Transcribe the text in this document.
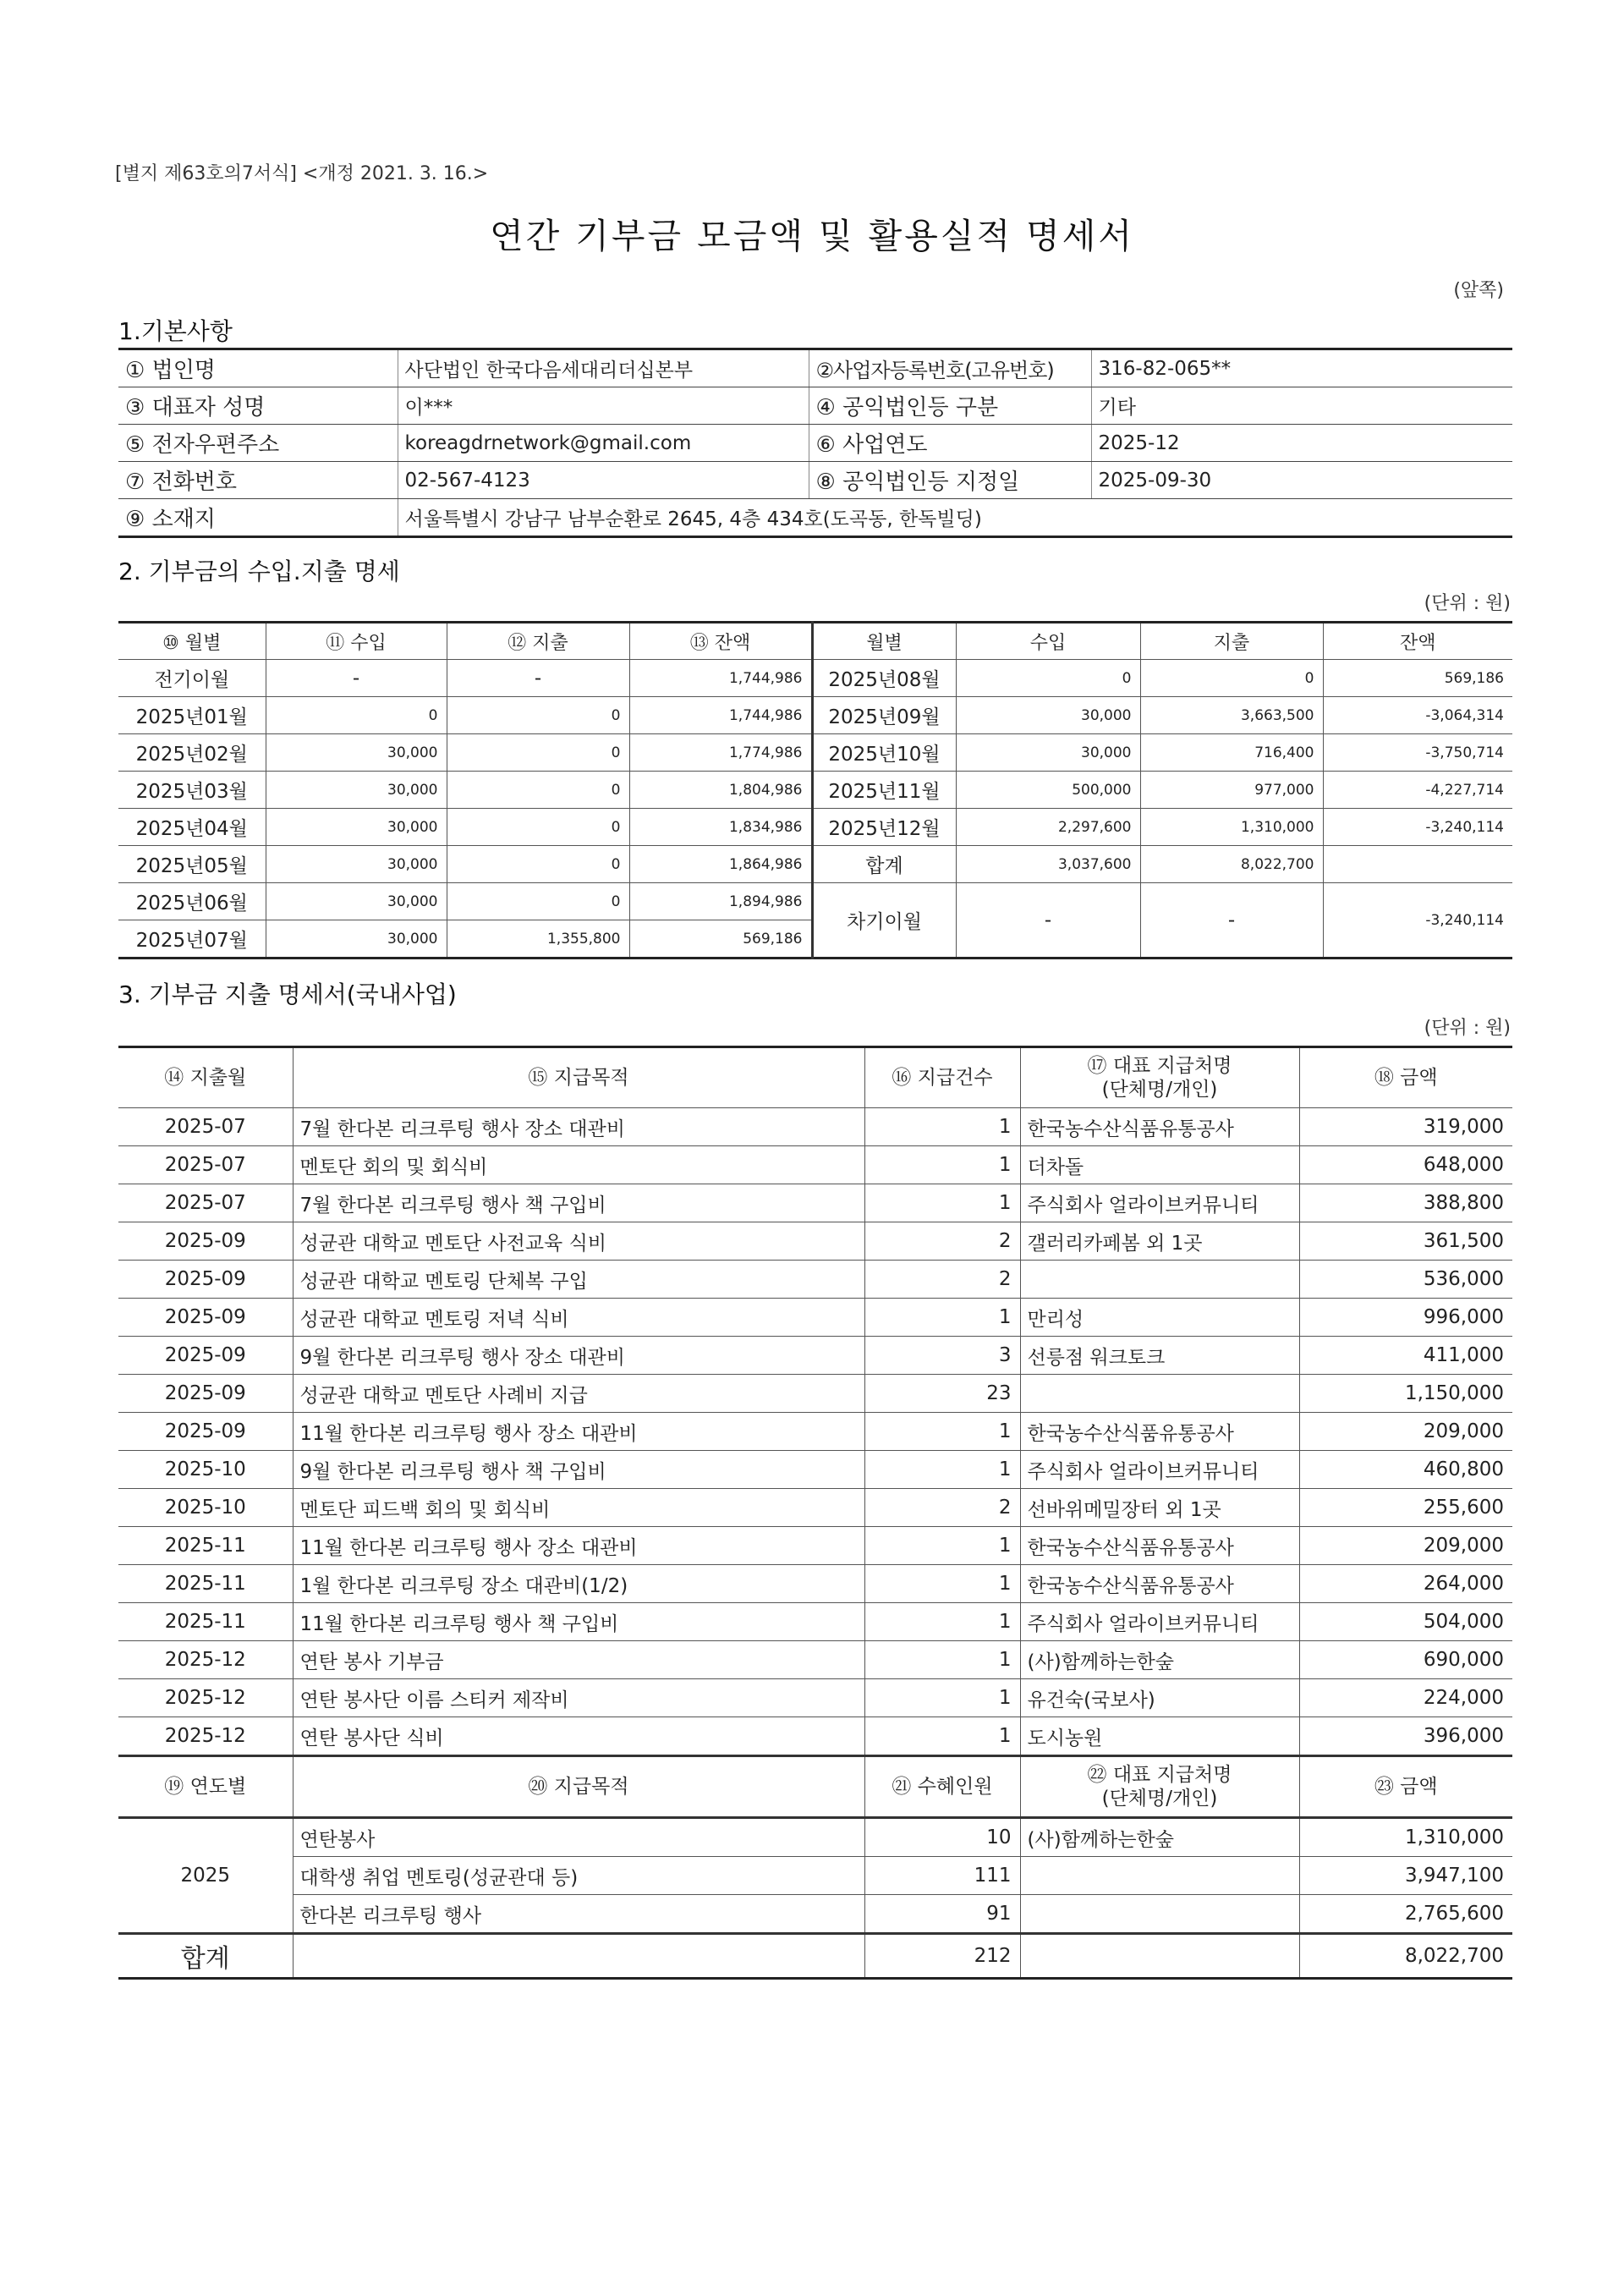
[별지 제63호의7서식] <개정 2021. 3. 16.>
연간 기부금 모금액 및 활용실적 명세서
(앞쪽)
1.기본사항
① 법인명	사단법인 한국다음세대리더십본부	②사업자등록번호(고유번호)	316-82-065**
③ 대표자 성명	이***	④ 공익법인등 구분	기타
⑤ 전자우편주소	koreagdrnetwork@gmail.com	⑥ 사업연도	2025-12
⑦ 전화번호	02-567-4123	⑧ 공익법인등 지정일	2025-09-30
⑨ 소재지	서울특별시 강남구 남부순환로 2645, 4층 434호(도곡동, 한독빌딩)		
2. 기부금의 수입.지출 명세
(단위 : 원)
⑩ 월별	⑪ 수입	⑫ 지출	⑬ 잔액	월별	수입	지출	잔액
전기이월	-	-	1,744,986	2025년08월	0	0	569,186
2025년01월	0	0	1,744,986	2025년09월	30,000	3,663,500	-3,064,314
2025년02월	30,000	0	1,774,986	2025년10월	30,000	716,400	-3,750,714
2025년03월	30,000	0	1,804,986	2025년11월	500,000	977,000	-4,227,714
2025년04월	30,000	0	1,834,986	2025년12월	2,297,600	1,310,000	-3,240,114
2025년05월	30,000	0	1,864,986	합계	3,037,600	8,022,700	
2025년06월	30,000	0	1,894,986	차기이월	-	-	-3,240,114
2025년07월	30,000	1,355,800	569,186				
3. 기부금 지출 명세서(국내사업)
(단위 : 원)
⑭ 지출월	⑮ 지급목적	⑯ 지급건수	⑰ 대표 지급처명
(단체명/개인)	⑱ 금액
2025-07	7월 한다본 리크루팅 행사 장소 대관비	1	한국농수산식품유통공사	319,000
2025-07	멘토단 회의 및 회식비	1	더차돌	648,000
2025-07	7월 한다본 리크루팅 행사 책 구입비	1	주식회사 얼라이브커뮤니티	388,800
2025-09	성균관 대학교 멘토단 사전교육 식비	2	갤러리카페봄 외 1곳	361,500
2025-09	성균관 대학교 멘토링 단체복 구입	2		536,000
2025-09	성균관 대학교 멘토링 저녁 식비	1	만리성	996,000
2025-09	9월 한다본 리크루팅 행사 장소 대관비	3	선릉점 워크토크	411,000
2025-09	성균관 대학교 멘토단 사례비 지급	23		1,150,000
2025-09	11월 한다본 리크루팅 행사 장소 대관비	1	한국농수산식품유통공사	209,000
2025-10	9월 한다본 리크루팅 행사 책 구입비	1	주식회사 얼라이브커뮤니티	460,800
2025-10	멘토단 피드백 회의 및 회식비	2	선바위메밀장터 외 1곳	255,600
2025-11	11월 한다본 리크루팅 행사 장소 대관비	1	한국농수산식품유통공사	209,000
2025-11	1월 한다본 리크루팅 장소 대관비(1/2)	1	한국농수산식품유통공사	264,000
2025-11	11월 한다본 리크루팅 행사 책 구입비	1	주식회사 얼라이브커뮤니티	504,000
2025-12	연탄 봉사 기부금	1	(사)함께하는한숲	690,000
2025-12	연탄 봉사단 이름 스티커 제작비	1	유건숙(국보사)	224,000
2025-12	연탄 봉사단 식비	1	도시농원	396,000
⑲ 연도별	⑳ 지급목적	㉑ 수혜인원	㉒ 대표 지급처명
(단체명/개인)	㉓ 금액
2025	연탄봉사	10	(사)함께하는한숲	1,310,000
	대학생 취업 멘토링(성균관대 등)	111		3,947,100
	한다본 리크루팅 행사	91		2,765,600
합계		212		8,022,700
